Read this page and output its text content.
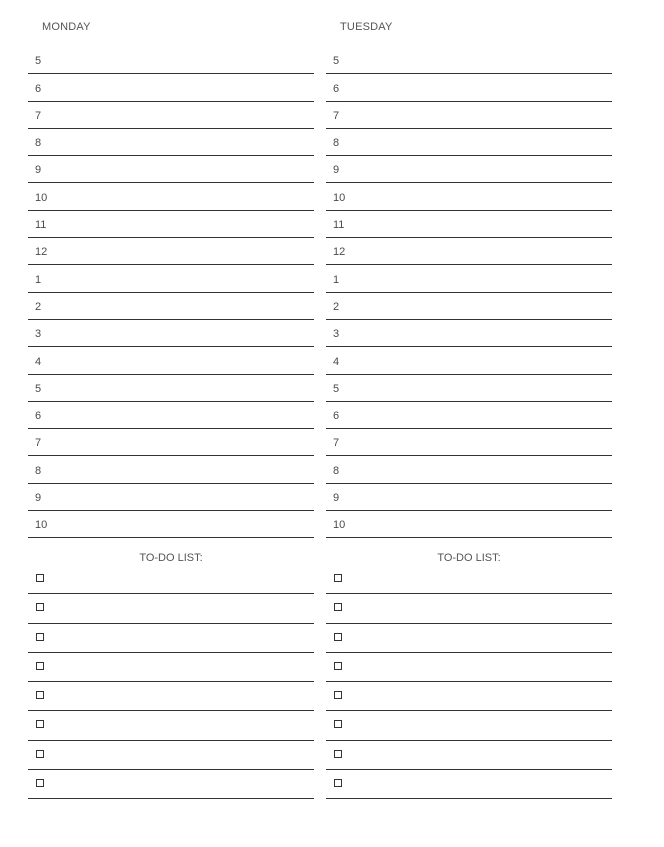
MONDAY
5
6
7
8
9
10
11
12
1
2
3
4
5
6
7
8
9
10
TO-DO LIST:
TUESDAY
5
6
7
8
9
10
11
12
1
2
3
4
5
6
7
8
9
10
TO-DO LIST:
